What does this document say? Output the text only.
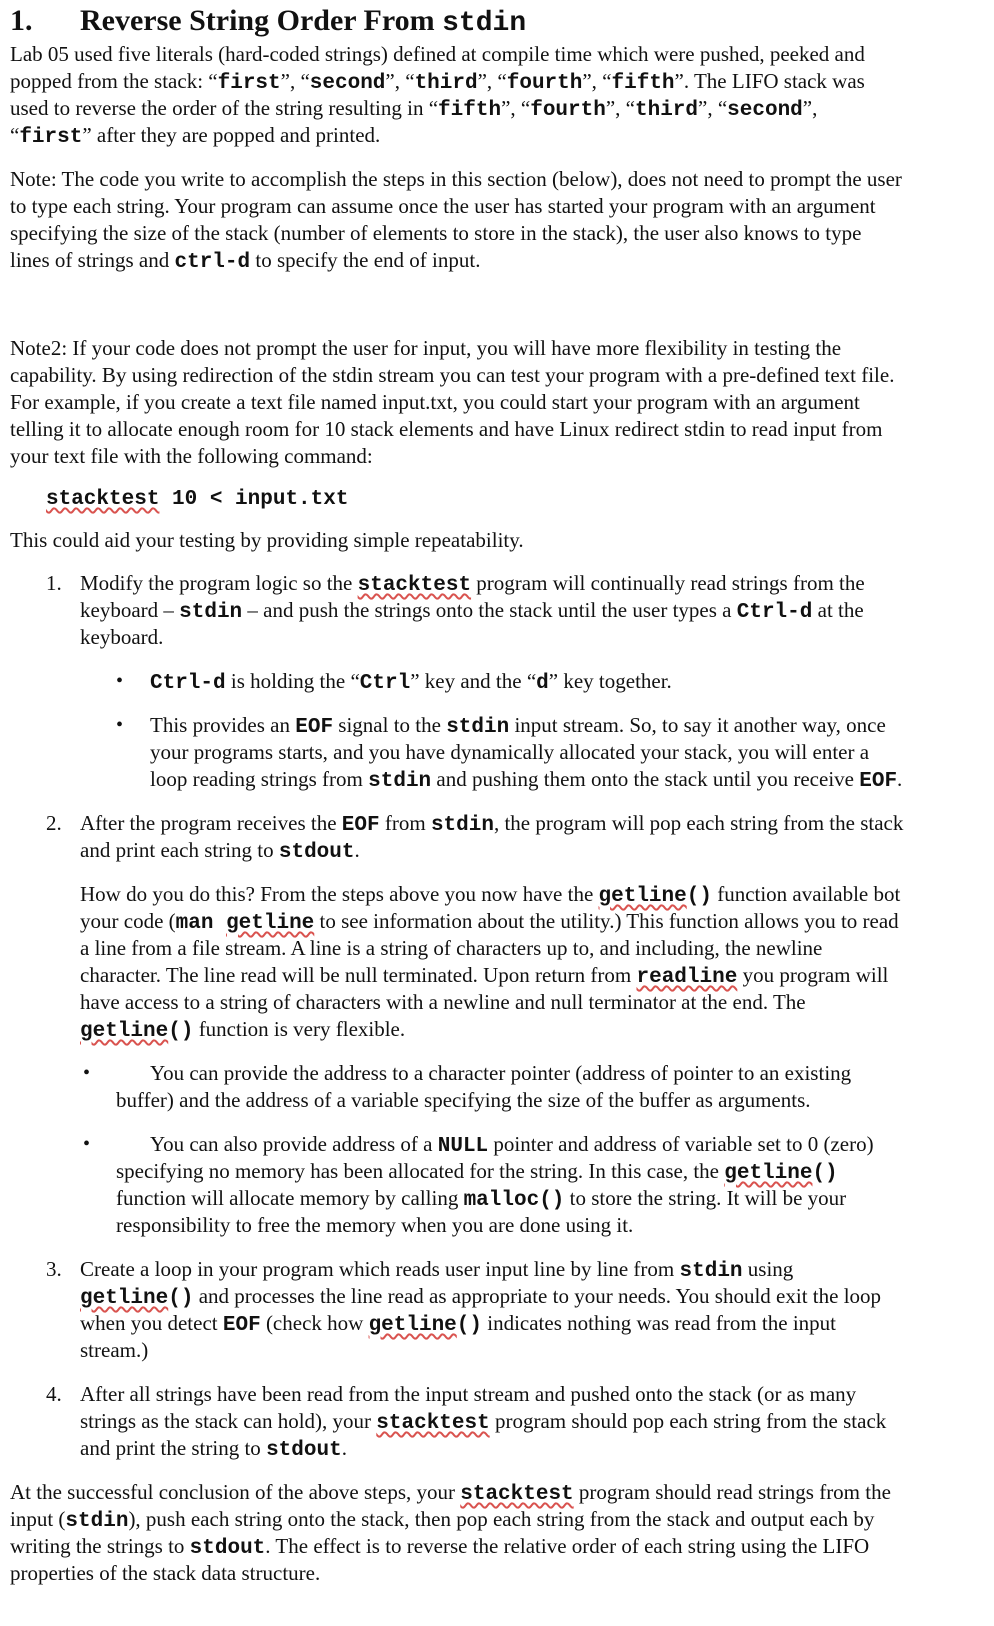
1. Reverse String Order From stdin
Lab 05 used five literals (hard-coded strings) defined at compile time which were pushed, peeked and
popped from the stack: “first”, “second”, “third”, “fourth”, “fifth”. The LIFO stack was
used to reverse the order of the string resulting in “fifth”, “fourth”, “third”, “second”,
“first” after they are popped and printed.
Note: The code you write to accomplish the steps in this section (below), does not need to prompt the user
to type each string. Your program can assume once the user has started your program with an argument
specifying the size of the stack (number of elements to store in the stack), the user also knows to type
lines of strings and ctrl-d to specify the end of input.
Note2: If your code does not prompt the user for input, you will have more flexibility in testing the
capability. By using redirection of the stdin stream you can test your program with a pre-defined text file.
For example, if you create a text file named input.txt, you could start your program with an argument
telling it to allocate enough room for 10 stack elements and have Linux redirect stdin to read input from
your text file with the following command:
stacktest 10 < input.txt
This could aid your testing by providing simple repeatability.
1. Modify the program logic so the stacktest program will continually read strings from the
keyboard – stdin – and push the strings onto the stack until the user types a Ctrl-d at the
keyboard.
• Ctrl-d is holding the “Ctrl” key and the “d” key together.
• This provides an EOF signal to the stdin input stream. So, to say it another way, once
your programs starts, and you have dynamically allocated your stack, you will enter a
loop reading strings from stdin and pushing them onto the stack until you receive EOF.
2. After the program receives the EOF from stdin, the program will pop each string from the stack
and print each string to stdout.
How do you do this? From the steps above you now have the getline() function available bot
your code (man getline to see information about the utility.) This function allows you to read
a line from a file stream. A line is a string of characters up to, and including, the newline
character. The line read will be null terminated. Upon return from readline you program will
have access to a string of characters with a newline and null terminator at the end. The
getline() function is very flexible.
•	You can provide the address to a character pointer (address of pointer to an existing
buffer) and the address of a variable specifying the size of the buffer as arguments.
•	You can also provide address of a NULL pointer and address of variable set to 0 (zero)
specifying no memory has been allocated for the string. In this case, the getline()
function will allocate memory by calling malloc() to store the string. It will be your
responsibility to free the memory when you are done using it.
3. Create a loop in your program which reads user input line by line from stdin using
getline() and processes the line read as appropriate to your needs. You should exit the loop
when you detect EOF (check how getline() indicates nothing was read from the input
stream.)
4. After all strings have been read from the input stream and pushed onto the stack (or as many
strings as the stack can hold), your stacktest program should pop each string from the stack
and print the string to stdout.
At the successful conclusion of the above steps, your stacktest program should read strings from the
input (stdin), push each string onto the stack, then pop each string from the stack and output each by
writing the strings to stdout. The effect is to reverse the relative order of each string using the LIFO
properties of the stack data structure.
